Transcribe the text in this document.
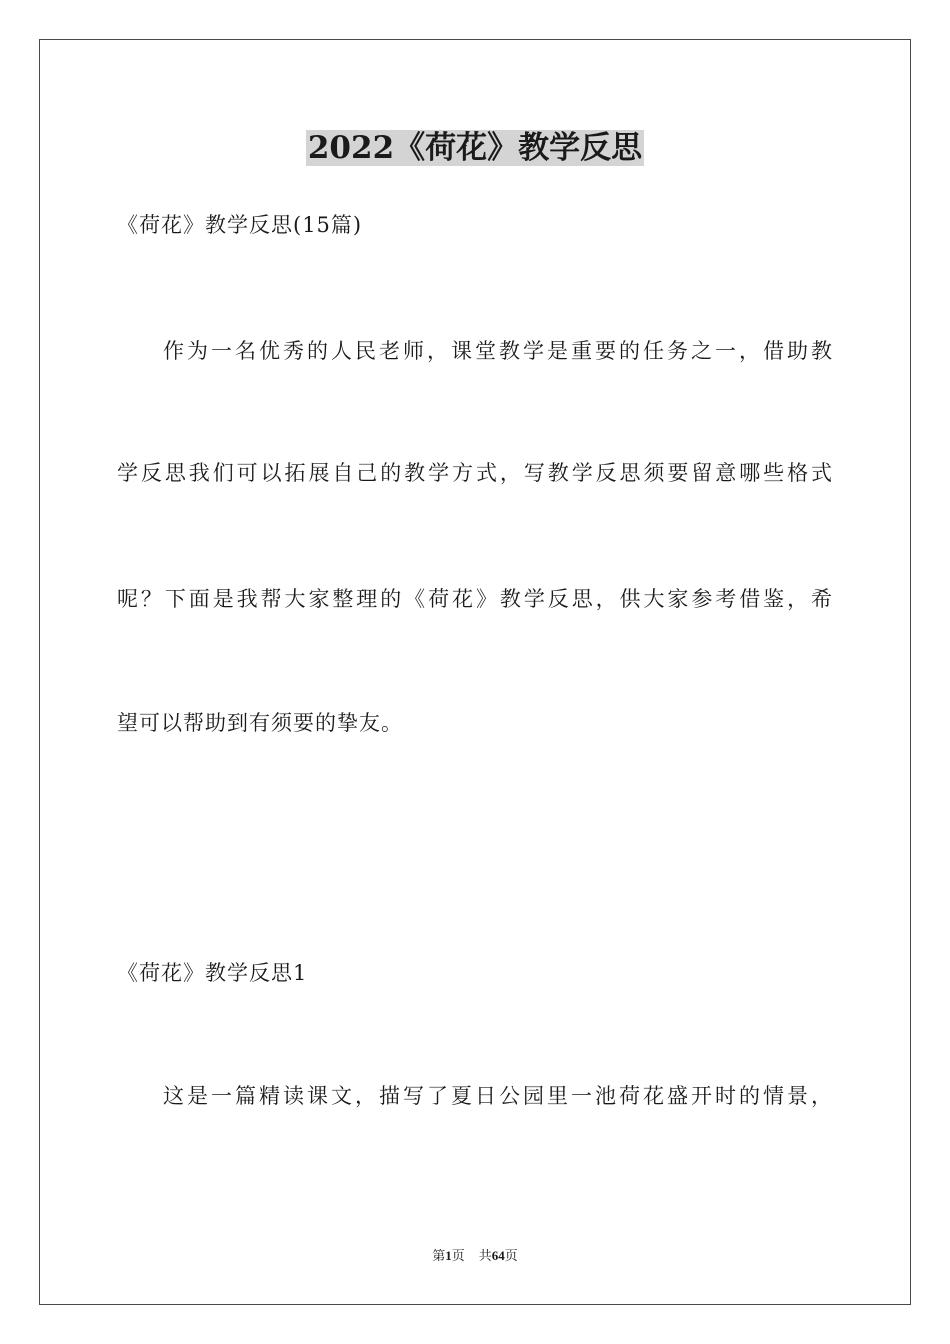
2022《荷花》教学反思
《荷花》教学反思(15篇)
作为一名优秀的人民老师，课堂教学是重要的任务之一，借助教
学反思我们可以拓展自己的教学方式，写教学反思须要留意哪些格式
呢？下面是我帮大家整理的《荷花》教学反思，供大家参考借鉴，希
望可以帮助到有须要的挚友。
《荷花》教学反思1
这是一篇精读课文，描写了夏日公园里一池荷花盛开时的情景，
第1页 共64页
